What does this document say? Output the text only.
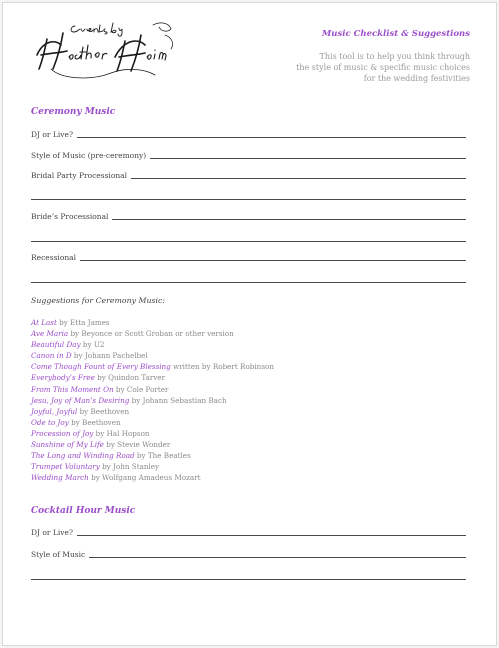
Music Checklist & Suggestions
This tool is to help you think through
the style of music & specific music choices
for the wedding festivities
Ceremony Music
DJ or Live?
Style of Music (pre-ceremony)
Bridal Party Processional
Bride’s Processional
Recessional
Suggestions for Ceremony Music:
At Last by Etta James
Ave Maria by Beyonce or Scott Groban or other version
Beautiful Day by U2
Canon in D by Johann Pachelbel
Come Though Fount of Every Blessing written by Robert Robinson
Everybody’s Free by Quindon Tarver
From This Moment On by Cole Porter
Jesu, Joy of Man’s Desiring by Johann Sebastian Bach
Joyful, Joyful by Beethoven
Ode to Joy by Beethoven
Procession of Joy by Hal Hopson
Sunshine of My Life by Stevie Wonder
The Long and Winding Road by The Beatles
Trumpet Voluntary by John Stanley
Wedding March by Wolfgang Amadeus Mozart
Cocktail Hour Music
DJ or Live?
Style of Music
